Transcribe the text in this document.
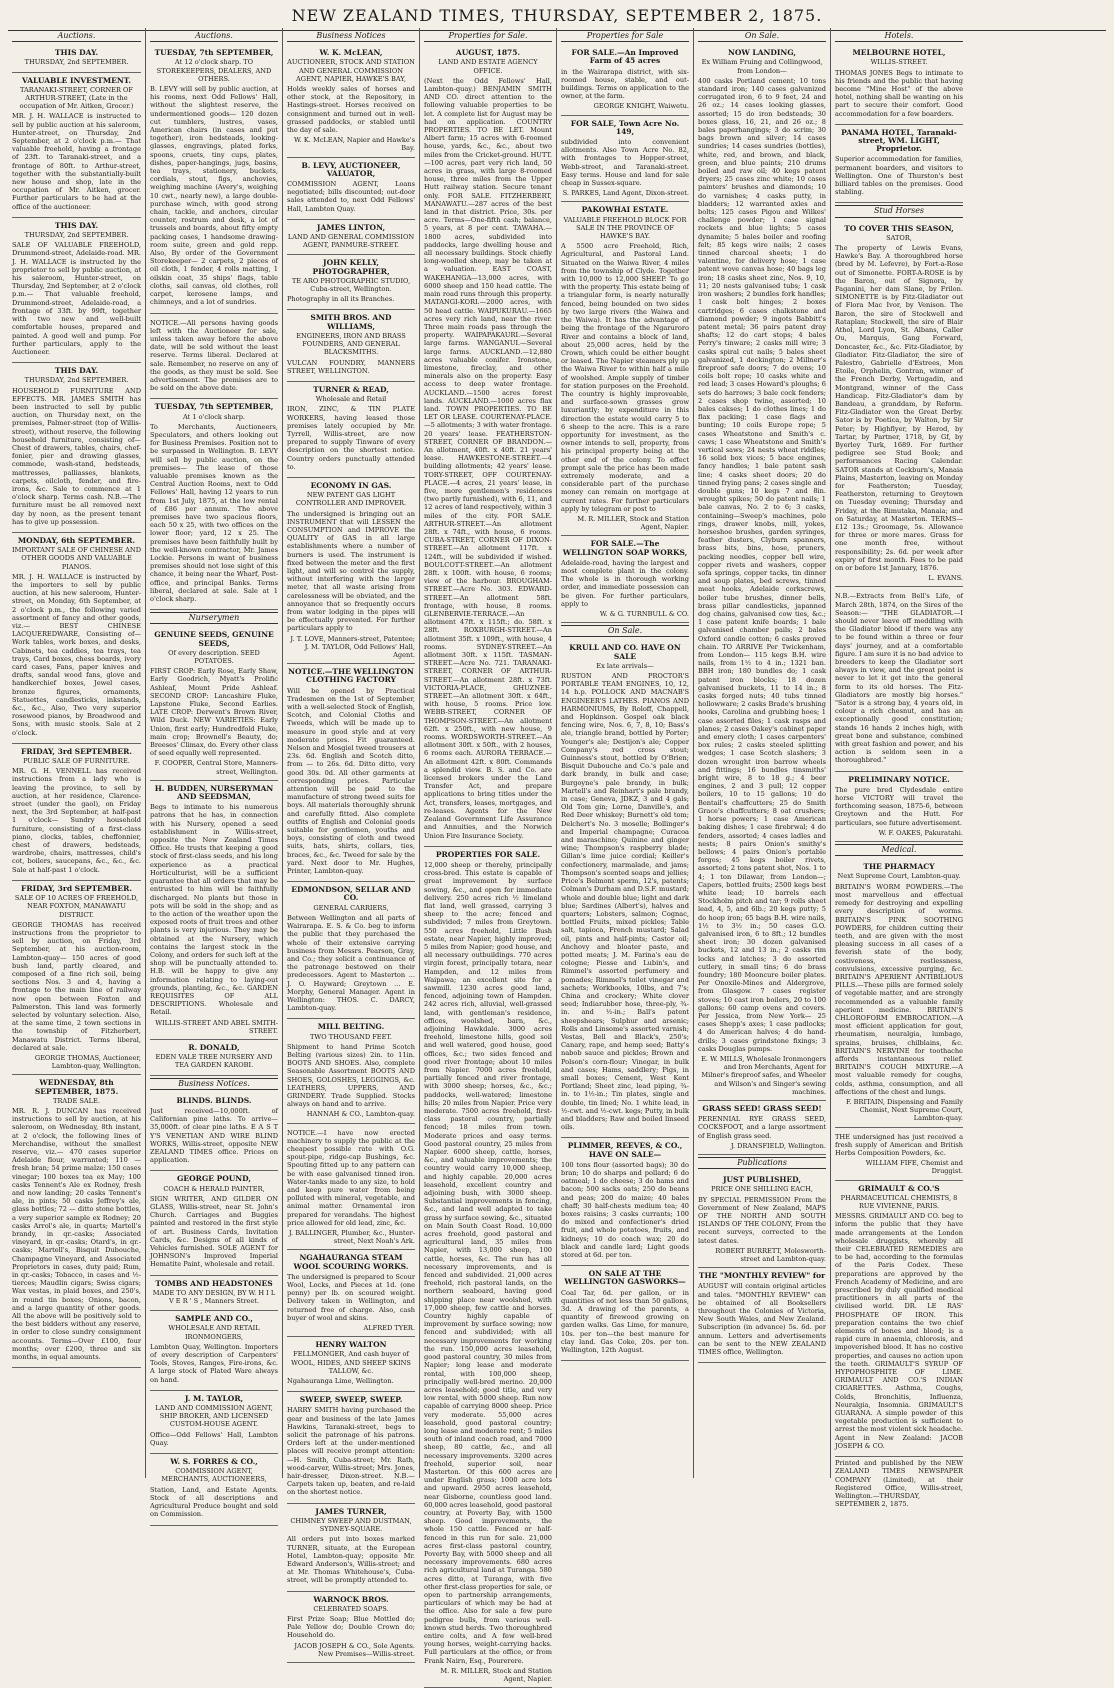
NEW ZEALAND TIMES, THURSDAY, SEPTEMBER 2, 1875.
Auctions.
THIS DAY.
THURSDAY, 2nd SEPTEMBER.
VALUABLE INVESTMENT.
TARANAKI-STREET, CORNER OF ARTHUR-STREET, (Late in the occupation of Mr. Aitken, Grocer.)
MR. J. H. WALLACE is instructed to sell by public auction at his saleroom, Hunter-street, on Thursday, 2nd September, at 2 o'clock p.m.— That valuable freehold, having a frontage of 23ft. to Taranaki-street, and a frontage of 80ft. to Arthur-street, together with the substantially-built new house and shop, late in the occupation of Mr. Aitken, grocer. Further particulars to be had at the office of the auctioneer.
THIS DAY.
THURSDAY, 2nd SEPTEMBER.
SALE OF VALUABLE FREEHOLD, Drummond-street, Adelaide-road. MR. J. H. WALLACE is instructed by the proprietor to sell by public auction, at his saleroom, Hunter-street, on Thursday, 2nd September, at 2 o'clock p.m.— That valuable freehold, Drummond-street, Adelaide-road, a frontage of 33ft. by 99ft, together with two new and well-built comfortable houses, prepared and painted. A good well and pump. For further particulars, apply to the Auctioneer.
THIS DAY.
THURSDAY, 2nd SEPTEMBER.
HOUSEHOLD FURNITURE AND EFFECTS. MR. JAMES SMITH has been instructed to sell by public auction, on Thursday next, on the premises, Palmer-street (top of Willis-street), without reserve, the following household furniture, consisting of— Chest of drawers, tables, chairs, chef-fonier, pier and drawing glasses, commode, wash-stand, bedsteads, mattresses, palliasses, blankets, carpets, oilcloth, fender, and fire-irons, &c. Sale to commence at 1 o'clock sharp. Terms cash. N.B.—The furniture must be all removed next day by noon, as the present tenant has to give up possession.
MONDAY, 6th SEPTEMBER.
IMPORTANT SALE OF CHINESE AND OTHER GOODS AND VALUABLE PIANOS.
MR. J. H. WALLACE is instructed by the importers to sell by public auction, at his new saleroom, Hunter-street, on Monday, 6th September, at 2 o'clock p.m., the following varied assortment of fancy and other goods, viz.— BEST CHINESE LACQUEREDWARE, Consisting of— Work tables, work boxes, and desks, Cabinets, tea caddies, tea trays, tea trays, Card boxes, chess boards, ivory card cases, Fans, paper knives and drafts, sandal wood fans, glove and handkerchief boxes, Jewel cases, bronze figures, ornaments, Statuettes, candlesticks, inkstands, &c., &c., Also, Two very superior rosewood pianos, by Broadwood and Sons, with music stools. Sale at 2 o'clock.
FRIDAY, 3rd SEPTEMBER.
PUBLIC SALE OF FURNITURE.
MR. G. H. VENNELL has received instructions from a lady who is leaving the province, to sell by auction, at her residence, Clarence-street (under the gaol), on Friday next, the 3rd September, at half-past 1 o'clock— Sundry household furniture, consisting of a first-class piano, clocks, tables, cheffonnier, chest of drawers, bedsteads, wardrobe, chairs, mattresses, child's cot, boilers, saucepans, &c., &c., &c. Sale at half-past 1 o'clock.
FRIDAY, 3rd SEPTEMBER.
SALE OF 10 ACRES OF FREEHOLD, NEAR FOXTON, MANAWATU DISTRICT.
GEORGE THOMAS has received instructions from the proprietor to sell by auction, on Friday, 3rd September, at his auction-room, Lambton-quay— 150 acres of good bush land, partly cleared, and composed of a fine rich soil, being sections Nos. 3 and 4, having a frontage to the main line of railway now open between Foxton and Palmerston. This land was formerly selected by voluntary selection. Also, at the same time, 2 town sections in the township of Fitzherbert, Manawatu District. Terms liberal, declared at sale.
GEORGE THOMAS, Auctioneer, Lambton-quay, Wellington.
WEDNESDAY, 8th SEPTEMBER, 1875.
TRADE SALE.
MR. R. J. DUNCAN has received instructions to sell by auction, at his saleroom, on Wednesday, 8th instant, at 2 o'clock, the following lines of Merchandise, without the smallest reserve, viz.— 470 cases superior Adelaide flour, warranted; 110 — fresh bran; 54 prime malze; 150 cases vinegar; 100 boxes tea ex May; 100 casks Tennent's Ale ex Rodney, fresh and now landing; 20 casks Tennent's ale, in pints; 50 casks Jeffrey's ale, glass bottles; 72 — ditto stone bottles, a very superior sample ex Rodney; 20 casks Arrol's ale, in quarts; Martell's brandy, in qr.-casks; Associated vineyard, in qr.-casks; Otard's, in qr.-casks; Martell's, Bisquit Dubouche, Champagne Vineyard, and Associated Proprietors in cases, duty paid; Rum, in qr.-casks; Tobacco, in cases and ½-tierces; Maudlin cigars; Swiss cigars; Wax vestas, in plaid boxes, and 250's, in round tin boxes; Onions, bacon, and a large quantity of other goods. All the above will be positively sold to the best bidders without any reserve, in order to close sundry consignment accounts. Terms—Over £100, four months; over £200, three and six months, in equal amounts.
Auctions.
TUESDAY, 7th SEPTEMBER,
At 12 o'clock sharp. TO STOREKEEPERS, DEALERS, AND OTHERS.
B. LEVY will sell by public auction, at his rooms, next Odd Fellows' Hall, without the slightest reserve, the undermentioned goods— 120 dozen cut tumblers, lustres, vases, American chairs (in cases and put together), iron bedsteads, looking-glasses, engravings, plated forks, spoons, cruets, tiny cups, plates, dishes, paper-hangings, jugs, basins, tea trays, stationery, buckets, cordials, stout, figs, anchovies, weighing machine (Avery's, weighing 10 cwt., nearly new), a large double-purchase winch, with good strong chain, tackle, and anchors, circular counter, rostrum and desk, a lot of trussels and boards, about fifty empty packing cases, 1 handsome drawing-room suite, green and gold repp. Also, By order of the Government Storekeeper— 2 carpets, 2 pieces of oil cloth, 1 fender, 4 rolls matting, 1 oilskin coat, 35 ships' flags, table cloths, sail canvas, old clothes, roll carpet, kerosene lamps, and chimneys, and a lot of sundries.
NOTICE.—All persons having goods left with the Auctioneer for sale, unless taken away before the above date, will be sold without the least reserve. Terms liberal. Declared at sale. Remember, no reserve on any of the goods, as they must be sold. See advertisement. The premises are to be sold on the above date.
TUESDAY, 7th SEPTEMBER,
At 1 o'clock sharp.
To Merchants, Auctioneers, Speculators, and others looking out for Business Premises. Position not to be surpassed in Wellington. B. LEVY will sell by public auction, on the premises— The lease of those valuable premises known as the Central Auction Rooms, next to Odd Fellows' Hall, having 12 years to run from 1st July, 1875, at the low rental of £86 per annum. The above premises have two spacious floors, each 50 x 25, with two offices on the lower floor; yard, 12 x 25. The premises have been faithfully built by the well-known contractor, Mr. James Lockie. Persons in want of business premises should not lose sight of this chance, it being near the Wharf, Post-office, and principal Banks. Terms liberal, declared at sale. Sale at 1 o'clock sharp.
Nurserymen
GENUINE SEEDS, GENUINE SEEDS,
Of every description. SEED POTATOES.
FIRST CROP: Early Rose, Early Shaw, Early Goodrich, Myatt's Prolific Ashleaf, Mount Pride Ashleaf. SECOND CROP: Lancashire Fluke, Lapstone Fluke, Second Earlies. LATE CROP: Derwent's Brown River, Wild Duck. NEW VARIETIES: Early Union, first early; Hundredfold Fluke, main crop; Brownell's Beauty, do; Breeses' Climax, do. Every other class of seed equally well represented.
F. COOPER, Central Store, Manners-street, Wellington.
H. BUDDEN, NURSERYMAN AND SEEDSMAN,
Begs to intimate to his numerous patrons that he has, in connection with his Nursery, opened a seed establishment in Willis-street, opposite the New Zealand Times Office. He trusts that keeping a good stock of first-class seeds, and his long experience as a practical Horticulturist, will be a sufficient guarantee that all orders that may be entrusted to him will be faithfully discharged. No plants but those in pots will be sold in the shop; and as to the action of the weather upon the exposed roots of fruit trees and other plants is very injurious. They may be obtained at the Nursery, which contains the largest stock in the Colony, and orders for such left at the shop will be punctually attended to. H.B. will be happy to give any information relating to laying-out grounds, planting, &c., &c. GARDEN REQUISITES OF ALL DESCRIPTIONS. Wholesale and Retail.
WILLIS-STREET AND ABEL SMITH-STREET.
R. DONALD,
EDEN VALE TREE NURSERY AND TEA GARDEN KAROBI.
Business Notices.
BLINDS. BLINDS.
Just received—10,000ft. of Californian pine laths. To arrive—35,000ft. of clear pine laths. E A S T Y'S VENETIAN AND WIRE BLIND WORKS, Willis-street, opposite NEW ZEALAND TIMES office. Prices on application.
GEORGE POUND,
COACH & HERALD PAINTER,
SIGN WRITER, AND GILDER ON GLASS, Willis-street, near St. John's Church. Carriages and Buggies painted and restored in the first style of art. Business Cards, Invitation Cards, &c. Designs of all kinds of Vehicles furnished. SOLE AGENT for JOHNSON's Improved Imperial Hematite Paint, wholesale and retail.
TOMBS AND HEADSTONES
MADE TO ANY DESIGN, BY W. H I L V E R ' S , Manners Street.
SAMPLE AND CO.,
WHOLESALE AND RETAIL IRONMONGERS,
Lambton Quay, Wellington. Importers of every description of Carpenters' Tools, Stoves, Ranges, Fire-irons, &c. A large stock of Plated Ware always on hand.
J. M. TAYLOR,
LAND AND COMMISSION AGENT, SHIP BROKER, AND LICENSED CUSTOM-HOUSE AGENT.
Office—Odd Fellows' Hall, Lambton Quay.
W. S. FORRES & CO.,
COMMISSION AGENT, MERCHANTS, AUCTIONEERS,
Station, Land, and Estate Agents. Stock of all descriptions and Agricultural Produce bought and sold on Commission.
Business Notices
W. K. McLEAN,
AUCTIONEER, STOCK AND STATION AND GENERAL COMMISSION AGENT, NAPIER, HAWKE'S BAY,
Holds weekly sales of horses and other stock, at the Repository, in Hastings-street. Horses received on consignment and turned out in well-grassed paddocks, or stabled until the day of sale.
W. K. McLEAN, Napier and Hawke's Bay.
B. LEVY, AUCTIONEER, VALUATOR,
COMMISSION AGENT, Loans negotiated; bills discounted; out-door sales attended to, next Odd Fellows' Hall, Lambton Quay.
JAMES LINTON,
LAND AND GENERAL COMMISSION AGENT, PANMURE-STREET.
JOHN KELLY, PHOTOGRAPHER,
TE ARO PHOTOGRAPHIC STUDIO, Cuba-street, Wellington.
Photography in all its Branches.
SMITH BROS. AND WILLIAMS,
ENGINEERS, IRON AND BRASS FOUNDERS, AND GENERAL BLACKSMITHS.
VULCAN FOUNDRY, MANNERS STREET, WELLINGTON.
TURNER & READ,
Wholesale and Retail
IRON, ZINC, & TIN PLATE WORKERS, having leased those premises lately occupied by Mr. Tyrrell, Willis-street, are now prepared to supply Tinware of every description on the shortest notice. Country orders punctually attended to.
ECONOMY IN GAS.
NEW PATENT GAS LIGHT CONTROLLER AND IMPROVER.
The undersigned is bringing out an INSTRUMENT that will LESSEN the CONSUMPTION and IMPROVE the QUALITY of GAS in all large establishments where a number of burners is used. The instrument is fixed between the meter and the first light, and will so control the supply, without interfering with the larger meter, that all waste arising from carelessness will be obviated, and the annoyance that so frequently occurs from water lodging in the pipes will be effectually prevented. For further particulars apply to
J. T. LOVE, Manners-street, Patentee; J. M. TAYLOR, Odd Fellows' Hall, Agent.
NOTICE.—THE WELLINGTON CLOTHING FACTORY
Will be opened by Practical Tradesmen on the 1st of September, with a well-selected Stock of English, Scotch, and Colonial Cloths and Tweeds, which will be made up to measure in good style and at very moderate prices. Fit guaranteed. Nelson and Mosgiel tweed trousers at 23s. 6d. English and Scotch ditto, from — to 26s. 6d. Ditto ditto, very good 30s. 0d. All other garments at corresponding prices. Particular attention will be paid to the manufacture of strong tweed suits for boys. All materials thoroughly shrunk and carefully fitted. Also complete outfits of English and Colonial goods suitable for gentlemen, youths and boys, consisting of cloth and tweed suits, hats, shirts, collars, ties, braces, &c., &c. Tweed for sale by the yard. Next door to Mr. Hughes, Printer, Lambton-quay.
EDMONDSON, SELLAR AND CO.
GENERAL CARRIERS,
Between Wellington and all parts of Wairarapa. E. S. & Co. beg to inform the public that they purchased the whole of their extensive carrying business from Messrs. Pearson, Gray, and Co.; they solicit a continuance of the patronage bestowed on their predecessors. Agent to Masterton ... J. O. Hayward; Greytown ... E. Morphy, General Manager. Agent in Wellington: THOS. C. DARCY, Lambton-quay.
MILL BELTING.
TWO THOUSAND FEET.
Shipment to hand Prime Scotch Belting (various sizes) 2in. to 11in. BOOTS AND SHOES. Also, complete Seasonable Assortment BOOTS AND SHOES, GOLOSHES, LEGGINGS, &c. LEATHERS, UPPERS, AND GRINDERY. Trade Supplied. Stocks always on hand and to arrive.
HANNAH & CO., Lambton-quay.
NOTICE.—I have now erected machinery to supply the public at the cheapest possible rate with O.G. spout-pipe, ridge-cap Bushings, &c. Spouting fitted up to any pattern can be with ease galvanised tinned iron. Water-tanks made to any size, to hold and keep pure water from being polluted with mineral, vegetable, and animal matter. Ornamental iron prepared for verandahs. The highest price allowed for old lead, zinc, &c.
J. BALLINGER, Plumber, &c., Hunter-street, Next Noah's Ark.
NGAHAURANGA STEAM WOOL SCOURING WORKS.
The undersigned is prepared to Scour Wool, Locks, and Pieces at 1d. (one penny) per lb. on scoured weight. Delivery taken in Wellington, and returned free of charge. Also, cash buyer of wool and skins.
ALFRED TYER.
HENRY WALTON
FELLMONGER, And cash buyer of WOOL, HIDES, AND SHEEP SKINS TALLOW, &c.
Ngahauranga Lime, Wellington.
SWEEP, SWEEP, SWEEP.
HARRY SMITH having purchased the gear and business of the late James Hawkins, Taranaki-street, begs to solicit the patronage of his patrons. Orders left at the under-mentioned places will receive prompt attention:—H. Smith, Cuba-street; Mr. Rath, wood-carver, Willis-street; Mrs. Jones, hair-dresser, Dixon-street. N.B.—Carpets taken up, beaten, and re-laid on the shortest notice.
JAMES TURNER,
CHIMNEY SWEEP AND DUSTMAN, SYDNEY-SQUARE.
All orders put into boxes marked TURNER, situate, at the European Hotel, Lambton-quay; opposite Mr. Edward Anderson's, Willis-street; and at Mr. Thomas Whitehouse's, Cuba-street, will be promptly attended to.
WARNOCK BROS.
CELEBRATED SOAPS.
First Prize Soap; Blue Mottled do; Pale Yellow do; Double Crown do; Household do.
JACOB JOSEPH & CO., Sole Agents. New Premises—Willis-street.
Properties for Sale.
AUGUST, 1875.
LAND AND ESTATE AGENCY OFFICE.
(Next the Odd Fellows' Hall, Lambton-quay.) BENJAMIN SMITH AND CO. direct attention to the following valuable properties to be let. A complete list for August may be had on application. COUNTRY PROPERTIES. TO BE LET. Mount Albert farm; 15 acres with 6-roomed house, yards, &c., &c., about two miles from the Cricket-ground. HUTT.—100 acres, part very rich land, 50 acres in grass, with large 8-roomed house, three miles from the Upper Hutt railway station. Secure tenant only. FOR SALE. FITZHERBERT, MANAWATU.—287 acres of the best land in that district. Price, 30s. per acre. Terms—One-fifth cash; balance, 5 years, at 8 per cent. TAWAHA.—1800 acres, subdivided into paddocks, large dwelling house and all necessary buildings. Stock chiefly long-woolled sheep, may be taken at a valuation. EAST COAST, WAKEHANGA—13,000 acres, with 6000 sheep and 150 head cattle. The main road runs through this property. MATANGI-KORI.—2000 acres, with 50 head cattle. WAIPUKURAU.—1665 acres very rich land, near the river. Three main roads pass through the property. WAIPAPAKAURI.—Several large farms. WANGANUI.—Several large farms. AUCKLAND.—12,880 acres valuable conifer. Ironstone, limestone, fireclay, and other minerals also on the property. Easy access to deep water frontage. AUCKLAND.—1500 acres forest lands. AUCKLAND.—1000 acres flax land. TOWN PROPERTIES. TO BE LET OR LEASE. COURTENAY-PLACE.—5 allotments; 3 with water frontage. 20 years' lease. FEATHERSTON-STREET, CORNER OF BRANDON.—An allotment, 40ft. x 40ft. 21 years' lease. HAWKESTONE-STREET.—4 building allotments; 42 years' lease. TORY-STREET, OFF COURTENAY-PLACE.—4 acres, 21 years' lease, in five, more gentlemen's residences (two partly furnished), with 6, 11, and 12 acres of land respectively, within 3 miles of the city. FOR SALE. ARTHUR-STREET.—An allotment 28ft. x 74ft., with house, 6 rooms. CUBA-STREET, CORNER OF DIXON-STREET.—An allotment 117ft. x 124ft., will be subdivided if wished. BOULCOTT-STREET.—An allotment 28ft. x 100ft. with house, 6 rooms; view of the harbour. BROUGHAM-STREET.—Acre No. 303. EDWARD-STREET.—An allotment 58ft. frontage, with house, 8 rooms. GLENBERVIE-TERRACE.—An allotment 47ft. x 115ft.; do. 58ft. x 28ft. ROXBURGH-STREET.—An allotment 35ft. x 109ft., with house, 4 rooms. SYDNEY-STREET.—An allotment 30ft. x 115ft. TASMAN-STREET.—Acre No. 721. TARANAKI-STREET, CORNER OF ARTHUR-STREET.—An allotment 28ft. x 73ft. VICTORIA-PLACE, GHUZNEE-STREET.—An allotment 30ft. x 64ft., with house, 5 rooms. Price low. WEBB-STREET, CORNER OF THOMPSON-STREET.—An allotment 62ft. x 250ft., with new house, 9 rooms. WORDSWORTH-STREET.—An allotment 30ft. x 50ft., with 2 houses, 6 rooms each. AURORA TERRACE.—An allotment 42ft. x 80ft. Commands a splendid view. B. S. and Co. are licensed brokers under the Land Transfer Act, and prepare applications to bring titles under the Act, transfers, leases, mortgages, and re-leases. Agents for the New Zealand Government Life Assurance and Annuities, and the Norwich Union Fire Insurance Society.
PROPERTIES FOR SALE.
12,000 sheep or thereby, principally cross-bred. This estate is capable of great improvement by surface sowing, &c., and open for immediate delivery. 250 acres rich ½ limeland flat land, well grassed, carrying 3 sheep to the acre; fenced and subdivided; 7 miles from Greytown. 550 acres freehold, Little Bush estate, near Napier, highly improved; 5 miles from Napier; good house, and all necessary outbuildings. 770 acres virgin forest, principally totara, near Hampden, and 12 miles from Waipawa; an excellent site for a sawmill. 1230 acres good land, fenced, adjoining town of Hampden. 242 acres rich, alluvial, well-grassed land, with gentleman's residence, offices, woolshed, barn, &c., adjoining Hawkdale. 3000 acres freehold, limestone hills, good soil and well watered, good house, good offices, &c.; two sides fenced and good river frontage; about 10 miles from Napier. 7000 acres freehold, partially fenced and river frontage, with 3000 sheep; horses, &c., &c.; paddocks, well-watered; limestone hills; 20 miles from Napier. Price very moderate. 7500 acres freehold, first-class pastoral country, partially fenced; 18 miles from town. Moderate prices and easy terms. Good pastoral country, 25 miles from Napier. 6000 sheep, cattle, horses, &c., and valuable improvements; the country would carry 10,000 sheep, and highly capable. 20,000 acres leasehold, excellent country and adjoining bush, with 3000 sheep. Substantial improvements in fencing, &c., and land well adapted to take grass by surface sowing, &c., situated on Main South Coast Road. 10,000 acres freehold, good pastoral and agricultural land, 35 miles from Napier, with 13,000 sheep, 100 cattle, horses, &c. The run has all necessary improvements, and is fenced and subdivided. 21,000 acres freehold, rich pastoral lands, on the northern seaboard, having good shipping place near woolshed, with 17,000 sheep, few cattle and horses. Country highly capable of improvement by surface sowing; now fenced and subdivided; with all necessary improvements for working the run. 150,000 acres leasehold, good pastoral country, 30 miles from Napier; long lease and moderate rental, with 100,000 sheep, principally well-bred merino. 20,000 acres leasehold; good title, and very low rental, with 5000 sheep. Run now capable of carrying 8000 sheep. Price very moderate. 55,000 acres leasehold, good pastoral country; long lease and moderate rent; 5 miles south of inland coach road, and 7000 sheep, 80 cattle, &c., and all necessary improvements. 3200 acres freehold, superior soil, near Masterton. Of this 600 acres are under English grass; 1000 acre lots and upward. 2950 acres leasehold, near Gisborne, countless good land. 60,000 acres leasehold, good pastoral country, at Poverty Bay, with 1500 sheep. Good improvements, the whole 150 cattle. Fenced or half-fenced in this run for sale. 21,000 acres first-class pastoral country, Poverty Bay, with 5000 sheep and all necessary improvements. 680 acres rich agricultural land at Turanga. 580 acres ditto, at Turanga, with five other first-class properties for sale, or open to partnership arrangements, particulars of which may be had at the office. Also for sale a few pure pedigree bulls, from various well-known stud herds. Two thoroughbred entire colts, and A few well-bred young horses, weight-carrying hacks. Full particulars at the office, or from Frank Nairn, Esq., Pourerere.
M. R. MILLER, Stock and Station Agent, Napier.
Properties for Sale
FOR SALE.—An Improved Farm of 45 acres
in the Wairarapa district, with six-roomed house, stable, and out-buildings. Terms on application to the owner, at the farm.
GEORGE KNIGHT, Waiwetu.
FOR SALE, Town Acre No. 149,
subdivided into convenient allotments. Also Town Acre No. 82, with frontages to Hopper-street, Webb-street, and Taranaki-street. Easy terms. House and land for sale cheap in Sussex-square.
S. PARKES, Land Agent, Dixon-street.
PAKOWHAI ESTATE.
VALUABLE FREEHOLD BLOCK FOR SALE IN THE PROVINCE OF HAWKE'S BAY.
A 5500 acre Freehold, Rich, Agricultural, and Pastoral Land. Situated on the Waiwa River, 4 miles from the township of Clyde. Together with 10,000 to 12,000 SHEEP. To go with the property. This estate being of a triangular form, is nearly naturally fenced, being bounded on two sides by two large rivers (the Waiwa and the Waiwa). It has the advantage of being the frontage of the Ngaruroro River and contains a block of land, about 25,000 acres, held by the Crown, which could be either bought or leased. The Napier steamers ply up the Waiwa River to within half a mile of woolshed. Ample supply of timber for station purposes on the Freehold. The country is highly improveable, and surface-sown grasses grow luxuriantly; by expenditure in this direction the estate would carry 5 to 6 sheep to the acre. This is a rare opportunity for investment, as the owner intends to sell, property, from his principal property being at the other end of the colony. To effect prompt sale the price has been made extremely moderate, and a considerable part of the purchase money can remain on mortgage at current rates. For further particulars apply by telegram or post to
M. R. MILLER, Stock and Station Agent, Napier.
FOR SALE.—The WELLINGTON SOAP WORKS,
Adelaide-road, having the largest and most complete plant in the colony. The whole is in thorough working order, and immediate possession can be given. For further particulars, apply to
W. & G. TURNBULL & CO.
On Sale.
KRULL AND CO. HAVE ON SALE
Ex late arrivals—
RUSTON AND PROCTOR'S PORTABLE TEAM ENGINES, 10, 12, 14 h.p. POLLOCK AND MACNAB'S ENGINEER'S LATHES. PIANOS AND HARMONIUMS, By Roloff, Chappell, and Hopkinson. Gospel oak black fencing wire, Nos. 6, 7, 8, 10; Bass's ale, triangle brand, bottled by Porter; Younger's ale; Destijon's ale; Copper Company's red cross stout; Guinness's stout, bottled by O'Brien; Bisquit Dubouche and Co.'s pale and dark brandy, in bulk and case; Burgoyne's pale brandy, in bulk; Martell's and Reinhart's pale brandy, in case; Geneva, JDKZ, 3 and 4 gals; Old Tom gin; Lorne, Danville's, and Red Deer whiskey; Burnett's old tom; Delchert's No. 3 moselle; Bollinger's and Imperial champagne; Curacoa and maraschino; Quinine and ginger wine; Thompson's raspberry blade; Gillan's lime juice cordial; Keiller's confectionery, marmalade, and jams; Thompson's scented soaps and jellies; Price's Belmont sperm, 12's, patents; Colman's Durham and D.S.F. mustard; whole and double blue; light and dark blue; Sardines (Albert's), halves and quarters; Lobsters, salmon; Cognac, bottled Fruits, mixed pickles; Table salt, tapioca, French mustard; Salad oil, pints and half-pints; Castor oil; Anchovy and bloater paste, and potted meats; J. M. Farina's eau de cologne; Piesse and Lubin's, and Rimmel's assorted perfumery and pomades; Rimmel's toilet vinegar and sachets; Workbooks, 10lbs, and 7's; China and crockery; White clover seed; Indiarubber hose, three-ply, ¾-in. and ½-in.; Ball's patent sheepshears; Sulphur and arsenic; Rolls and Linsome's assorted varnish; Vestas, Bell and Black's, 250's; Canary, rape, and hemp seed; Batty's nabob sauce and pickles; Brown and Polson's corn-flour; Vinegar, in bulk and cases; Hams, saddlery; Pigs, in small boxes; Cement, West Kent Portland; Sheet zinc, lead piping, ¾-in. to 1½-in.; Tin plates, single and double, tin lined; No. 1 white lead, in ½-cwt. and ½-cwt. kegs; Putty, in bulk and bladders; Raw and boiled linseed oils.
PLIMMER, REEVES, & CO., HAVE ON SALE—
100 tons flour (assorted bags); 30 do bran; 10 do sharps and pollard; 6 do oatmeal; 1 do cheese; 3 do hams and bacon; 500 sacks oats; 250 do beans and peas; 200 do maize; 40 bales chaff; 30 half-chests medium tea; 40 boxes raisins; 3 casks currants; 100 do mixed and confectioner's dried fruit, and whole potatoes, fruits, and kidneys; 10 do coach wax; 20 do black and candle lard; Light goods stored at 6d. per ton.
ON SALE AT THE WELLINGTON GASWORKS—
Coal Tar, 6d. per gallon, or in quantities of not less than 50 gallons, 3d. A drawing of the parents, a quantity of firewood growing on garden walks. Gas Lime, for manure, 10s. per ton—the best manure for clay land. Gas Coke, 20s. per ton. Wellington, 12th August.
On Sale.
NOW LANDING,
Ex William Fruing and Collingwood, from London—
400 casks Portland cement; 10 tons standard iron; 140 cases galvanized corrugated iron, 6 to 9 feet, 24 and 26 oz.; 14 cases looking glasses, assorted; 15 do iron bedsteads; 30 boxes glass, 16, 21, and 26 oz.; 8 bales paperhangings; 3 do scrim; 30 bags brown and silver; 14 cases sundries; 14 cases sundries (bottles), white, red, and brown, and black, green, and blue paints; 210 drums boiled and raw oil; 40 kegs patent dryers; 25 cases zinc white; 10 cases painters' brushes and diamonds; 10 do varnishes; 4 casks putty, in bladders; 12 warranted axles and bolts; 125 cases Pigou and Wilkes' challenge powder; 1 case signal rockets and blue lights; 5 cases dynamite; 5 bales boiler and roofing felt; 85 kegs wire nails; 2 cases tinned charcoal sheets; 1 do valentine, for delivery hose; 1 case patent wove canvas hose; 40 bags leg iron; 18 casks sheet zinc, Nos. 9, 10, 11; 20 nests galvanised tubs; 1 cask iron washers; 2 bundles fork handles; 1 cask bolt hinges; 2 boxes cartridges; 6 cases chalkstone and diamond powder; 9 ingots Babbitt's patent metal; 36 pairs patent dray shafts; 12 do cart stops; 4 bales Perry's tinware; 2 casks mill wire; 3 casks spiral cut nails; 5 bales sheet galvanized, 1 deckington; 2 Millner's fireproof safe doors; 7 do ovens; 10 coils bolt rope; 10 casks white and red lead; 3 cases Howard's ploughs; 6 sets do harrows; 3 bale cock fenders; 2 cases shop twine, assorted; 10 bales cakses; 1 do clothes lines; 1 do flax packing; 1 case flags and bunting; 10 coils Europe rope; 5 cases Wheatstone and Smith's c. caws; 1 case Wheatstone and Smith's vertical saws; 24 nests wheat riddles; 16 solid box vices; 5 bace engines, fancy handles; 1 bale patent sash line; 4 casks sheet doors; 20 do tinned frying pans; 2 cases single and double guns; 10 kegs 7 and 8in. wrought spikes; 50 do patent nails; 1 bale canvas, No. 2 to 6; 3 casks, containing—Sweep's machines, pole rings, drawer knobs, mill, yokes, horseshoe brushes, garden syringes, feather dusters, Clyburn spanners, brass bits, bins, hose, pruners, packing needles, copper bell wire, copper rivets and washers, copper sofa springs, copper tacks, tin dinner and soup plates, bed screws, tinned meat hooks, Adelaide corkscrews, boiler tube brushes, dinner bells, brass pillar candlesticks, japanned dog chains, galvanised cow ties, &c.; 1 case patent knife boards; 1 bale galvanised chamber pails; 2 bales Oxford candle cotton; 6 casks proved chain. TO ARRIVE Per Twickenham, from London— 115 kegs B.H. wire nails, from 1½ to 4 in.; 1321 ban. BBH iron; 180 bundles do; 1 cask patent iron blocks; 18 dozen galvanised buckets, 11 to 14 in.; 8 casks forged nuts; 40 tubs tinned hollowware; 2 casks Brade's brushing hooks, Carolina and grubbing hoes; 1 case assorted files; 1 cask rasps and planes; 2 cases Oakey's cabinet paper and emery cloth; 1 cases carpenters' box rules; 2 casks steeled splitting wedges; 1 case Scotch slashers; 3 dozen wrought iron barrow wheels and fittings; 16 bundles tinsmiths' bright wire, 8 to 18 g.; 4 beer engines, 2 and 3 pull; 12 copper boilers, 10 to 15 gallons; 10 do Bentail's chaffcutters; 25 do Smith Grace's chaffcutters; 8 oat crushers; 1 horse powers; 1 case American baking dishes; 1 case firebrwal; 4 do fenders, assorted; 4 cases ladles and nests; 8 pairs Onion's smithy's bellows; 4 pairs Onion's portable forges; 45 kegs boiler rivets, assorted; 2 tons patent shot, Nos. 1 to 4; 1 ton Dilawar, from London—; Capers, bottled fruits; 2500 kegs best white lead; 10 barrels each Stockholm pitch and tar; 9 rolls sheet lead, 4, 5, and 6lb.; 20 kegs putty; 5 do hoop iron; 65 bags B.H. wire nails, 1½ to 3½ in.; 50 cases G.O. galvanised iron, 6 to 8ft.; 12 bundles sheet iron; 30 dozen galvanised buckets, 12 and 13 in.; 2 casks rim locks and latches; 3 do assorted cutlery, in small tins; 6 do brass foundry; 180 Mooncure boiler plates. Per Onoxile-Mines and Aldergrove, from Glasgow. 7 cases register stoves; 10 cast iron boilers, 20 to 100 gallons; 60 camp ovens and covers. Per Jessica, from New York— 25 cases Shepp's axes; 1 case padlocks; 4 do American halves; 4 do hand-drills; 3 cases grindstone fixings; 3 casks Douglas pumps.
E. W. MILLS, Wholesale Ironmongers and Iron Merchants, Agent for Milner's fireproof safes, and Wheeler and Wilson's and Singer's sewing machines.
GRASS SEED! GRASS SEED!
PERENNIAL RYE GRASS SEED, COCKSFOOT, and a large assortment of English grass seed.
J. DRANSFIELD, Wellington.
Publications
JUST PUBLISHED,
PRICE ONE SHILLING EACH,
BY SPECIAL PERMISSION From the Government of New Zealand, MAPS OF THE NORTH AND SOUTH ISLANDS OF THE COLONY, From the recent surveys, corrected to the latest dates.
ROBERT BURRETT, Molesworth-street and Lambton-quay.
THE "MONTHLY REVIEW" for
AUGUST will contain original articles and tales. "MONTHLY REVIEW" can be obtained of all Booksellers throughout the Colonies of Victoria, New South Wales, and New Zealand. Subscription (in advance) 5s. 6d. per annum. Letters and advertisements can be sent to the NEW ZEALAND TIMES office, Wellington.
Hotels.
MELBOURNE HOTEL,
WILLIS-STREET.
THOMAS JONES Begs to intimate to his friends and the public that having become "Mine Host" of the above hotel, nothing shall be wanting on his part to secure their comfort. Good accommodation for a few boarders.
PANAMA HOTEL, Taranaki-street, WM. LIGHT, Proprietor.
Superior accommodation for families, permanent boarders, and visitors to Wellington. One of Thurston's best billiard tables on the premises. Good stabling.
Stud Horses
TO COVER THIS SEASON,
SATOR,
The property of Lewis Evans, Hawke's Bay. A thoroughbred horse (bred by M. Lefevre), by Fort-a-Rose out of Simonette. FORT-A-ROSE is by the Baron, out of Signora, by Paganini, her dam Slane, by Frilon. SIMONETTE is by Fitz-Gladiator out of Flora Mac Ivor, by Venison. The Baron, the sire of Stockwell and Rataplan; Stockwell, the sire of Blair Athol, Lord Lyon, St. Albans, Caller Ou, Marquis, Gang Forward, Doncaster, &c., &c. Fitz-Gladiator, by Gladiator. Fitz-Gladiator, the sire of Palestro, Gabrielle d'Estrees, Mon Etoile, Orphelin, Gontran, winner of the French Derby, Vertugadin, and Montgrand, winner of the Cass Handicap. Fitz-Gladiator's dam by Bandeau, a granddam, by Reform. Fitz-Gladiator won the Great Derby. Sator is by Poetica, by Walton, by Sir Peter; by Highflyer, by Herod, by Tartar, by Partner, 1718, by Gf, by Byerley Turk, 1689. For further pedigree see Stud Book; and performances Racing Calendar. SATOR stands at Cockburn's, Manaia Plains, Masterton, leaving on Monday for Featherston; Tuesday, Featherston, returning to Greytown on Tuesday evening; Thursday and Friday, at the Rimutaka, Manaia; and on Saturday, at Masterton. TERMS—£12 13s.; Groomage, 5s. Allowance for three or more mares. Grass for one month free, without responsibility; 2s. 6d. per week after expiry of first month. Fees to be paid on or before 1st January, 1876.
L. EVANS.
N.B.—Extracts from Bell's Life, of March 28th, 1874, on the Sires of the Season:— "THE GLADIATOR.—I should never leave off meddling with the Gladiator blood if there was any to be found within a three or four days' journey, and at a comfortable figure. I am sure it is no bad advice to breeders to keep the Gladiator sort always in view, and the great point is never to let it get into the general form to its old horses. The Fitz-Gladiators are mostly big horses." "Sator is a strong bay, 4 years old, in colour a rich chesnut, and has an exceptionally good constitution; stands 16 hands 2 inches high, with great bone and substance, combined with great fashion and power, and his action is seldom seen in a thoroughbred."
PRELIMINARY NOTICE.
The pure bred Clydesdale entire horse VICTORY will travel the forthcoming season, 1875-6, between Greytown and the Hutt. For particulars, see future advertisement.
W. F. OAKES, Pakuratahi.
Medical.
THE PHARMACY
Next Supreme Court, Lambton-quay.
BRITAIN'S WORM POWDERS.—The most marvellous and effectual remedy for destroying and expelling every description of worms. BRITAIN'S PINK SOOTHING POWDERS, for children cutting their teeth, and are given with the most pleasing success in all cases of a feverish state of the body, costiveness, restlessness, convulsions, excessive purging, &c. BRITAIN'S APERIENT ANTIBILIOUS PILLS.—These pills are formed solely of vegetable matter, and are strongly recommended as a valuable family aperient medicine. BRITAIN'S CHLOROFORM EMBROCATION.—A most efficient application for gout, rheumatism, neuralgia, lumbago, sprains, bruises, chilblains, &c. BRITAIN'S NERVINE for toothache affords instantaneous relief. BRITAIN'S COUGH MIXTURE.—A most valuable remedy for coughs, colds, asthma, consumption, and all affections of the chest and lungs.
F. BRITAIN, Dispensing and Family Chemist, Next Supreme Court, Lambton-quay.
THE undersigned has just received a fresh supply of American and British Herbs Composition Powders, &c.
WILLIAM FIFE, Chemist and Druggist.
GRIMAULT & CO.'S
PHARMACEUTICAL CHEMISTS, 8 RUE VIVIENNE, PARIS.
MESSRS. GRIMAULT AND CO. beg to inform the public that they have made arrangements at the London wholesale druggists, whereby all their CELEBRATED REMEDIES are to be had, according to the formulas of the Paris Codex. These preparations are approved by the French Academy of Medicine, and are prescribed by duly qualified medical practitioners in all parts of the civilised world. DR. LE RAS' PHOSPHATE OF IRON. This preparation contains the two chief elements of bones and blood; is a rapid cure in anaemia, chlorosis, and impoverished blood. It has no costive properties, and causes no action upon the teeth. GRIMAULT'S SYRUP OF HYPOPHOSPHITE OF LIME. GRIMAULT AND CO.'S INDIAN CIGARETTES. Asthma, Coughs, Colds, Bronchitis, Influenza, Neuralgia, Insomnia. GRIMAULT'S GUARANA. A simple powder of this vegetable production is sufficient to arrest the most violent sick headache. Agent in New Zealand: JACOB JOSEPH & CO.
Printed and published by the NEW ZEALAND TIMES NEWSPAPER COMPANY (Limited), at their Registered Office, Willis-street, Wellington.—THURSDAY, SEPTEMBER 2, 1875.
